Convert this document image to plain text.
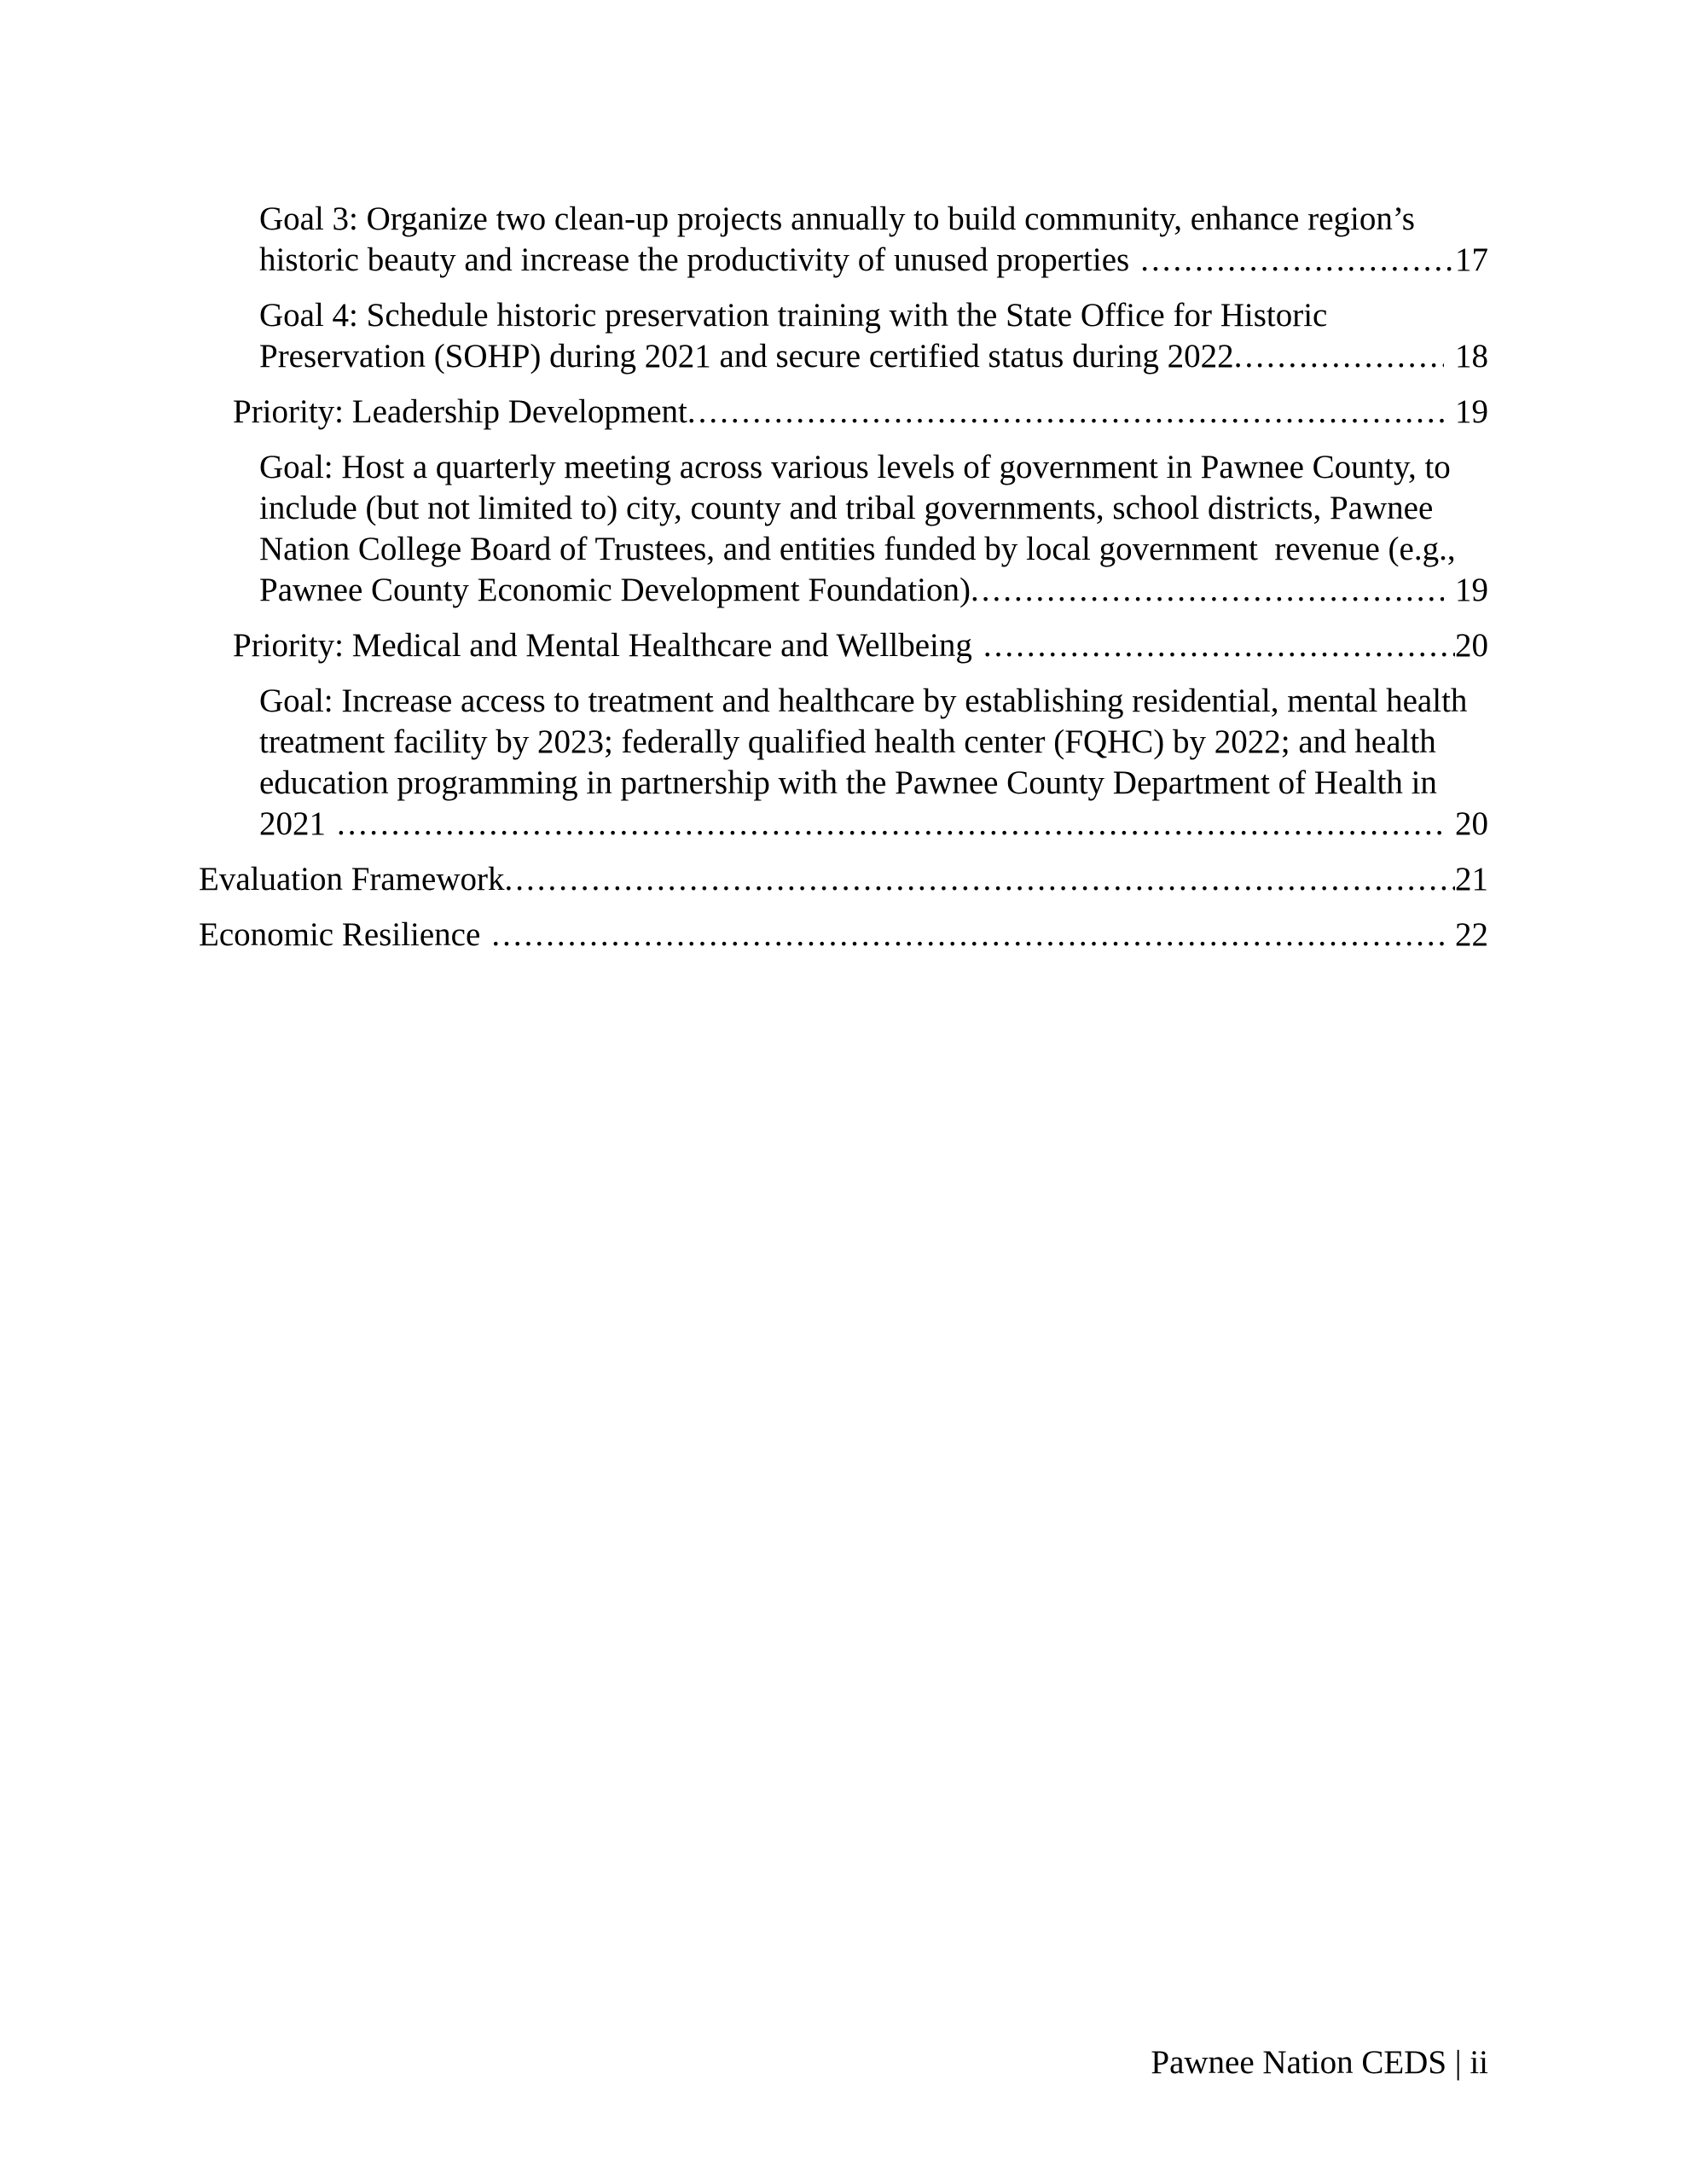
Goal 3: Organize two clean-up projects annually to build community, enhance region’s
historic beauty and increase the productivity of unused properties .....	17
Goal 4: Schedule historic preservation training with the State Office for Historic
Preservation (SOHP) during 2021 and secure certified status during 2022 .....	18
Priority: Leadership Development .....	19
Goal: Host a quarterly meeting across various levels of government in Pawnee County, to
include (but not limited to) city, county and tribal governments, school districts, Pawnee
Nation College Board of Trustees, and entities funded by local government  revenue (e.g.,
Pawnee County Economic Development Foundation) .....	19
Priority: Medical and Mental Healthcare and Wellbeing .....	20
Goal: Increase access to treatment and healthcare by establishing residential, mental health
treatment facility by 2023; federally qualified health center (FQHC) by 2022; and health
education programming in partnership with the Pawnee County Department of Health in
2021 .....	20
Evaluation Framework .....	21
Economic Resilience .....	22

Pawnee Nation CEDS | ii
